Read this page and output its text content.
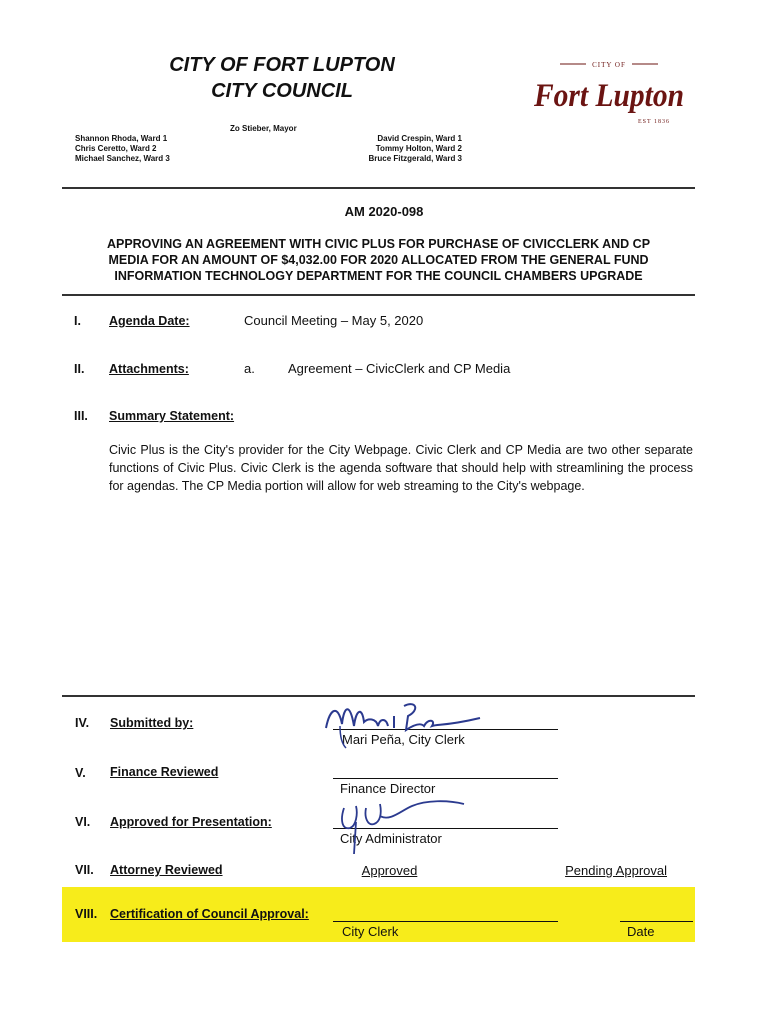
CITY OF FORT LUPTON
CITY COUNCIL
Zo Stieber, Mayor
Shannon Rhoda, Ward 1
Chris Ceretto, Ward 2
Michael Sanchez, Ward 3
David Crespin, Ward 1
Tommy Holton, Ward 2
Bruce Fitzgerald, Ward 3
CITY OF
Fort Lupton
EST 1836
AM 2020-098
APPROVING AN AGREEMENT WITH CIVIC PLUS FOR PURCHASE OF CIVICCLERK AND CP
MEDIA FOR AN AMOUNT OF $4,032.00 FOR 2020 ALLOCATED FROM THE GENERAL FUND
INFORMATION TECHNOLOGY DEPARTMENT FOR THE COUNCIL CHAMBERS UPGRADE
I. Agenda Date:	Council Meeting – May 5, 2020
II. Attachments:	a.	Agreement – CivicClerk and CP Media
III. Summary Statement:
Civic Plus is the City's provider for the City Webpage. Civic Clerk and CP Media are two other separate functions of Civic Plus. Civic Clerk is the agenda software that should help with streamlining the process for agendas. The CP Media portion will allow for web streaming to the City's webpage.
IV. Submitted by:
Mari Peña, City Clerk
V. Finance Reviewed
Finance Director
VI. Approved for Presentation:
City Administrator
VII. Attorney Reviewed	Approved	Pending Approval
VIII. Certification of Council Approval:
City Clerk	Date
